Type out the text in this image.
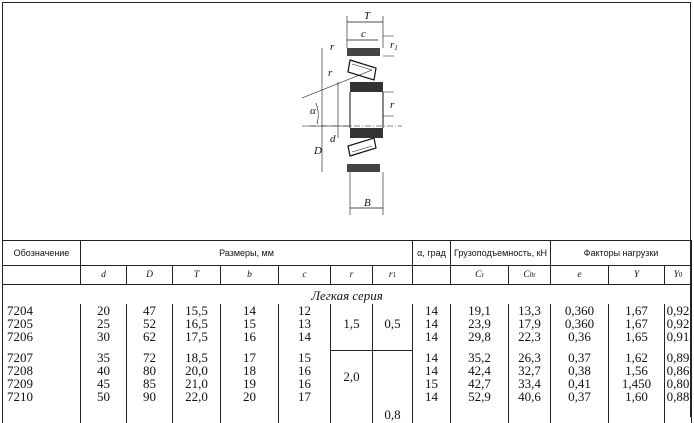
T
c
α
D
d
r
r
r1
r
B
Обозначение	Размеры, мм							α, град	Грузоподъемность, кН		Факторы нагрузки		
	d	D	T	b	c	r	r1		Cr	C0r	e	Y	Y0
Легкая серия													
7204	20	47	15,5	14	12	1,5	0,5	14	19,1	13,3	0,360	1,67	0,92
7205	25	52	16,5	15	13			14	23,9	17,9	0,360	1,67	0,92
7206	30	62	17,5	16	14			14	29,8	22,3	0,36	1,65	0,91

7207	35	72	18,5	17	15	2,0		14	35,2	26,3	0,37	1,62	0,89
7208	40	80	20,0	18	16			14	42,4	32,7	0,38	1,56	0,86
7209	45	85	21,0	19	16			15	42,7	33,4	0,41	1,450	0,80
7210	50	90	22,0	20	17			14	52,9	40,6	0,37	1,60	0,88
							0,8						
